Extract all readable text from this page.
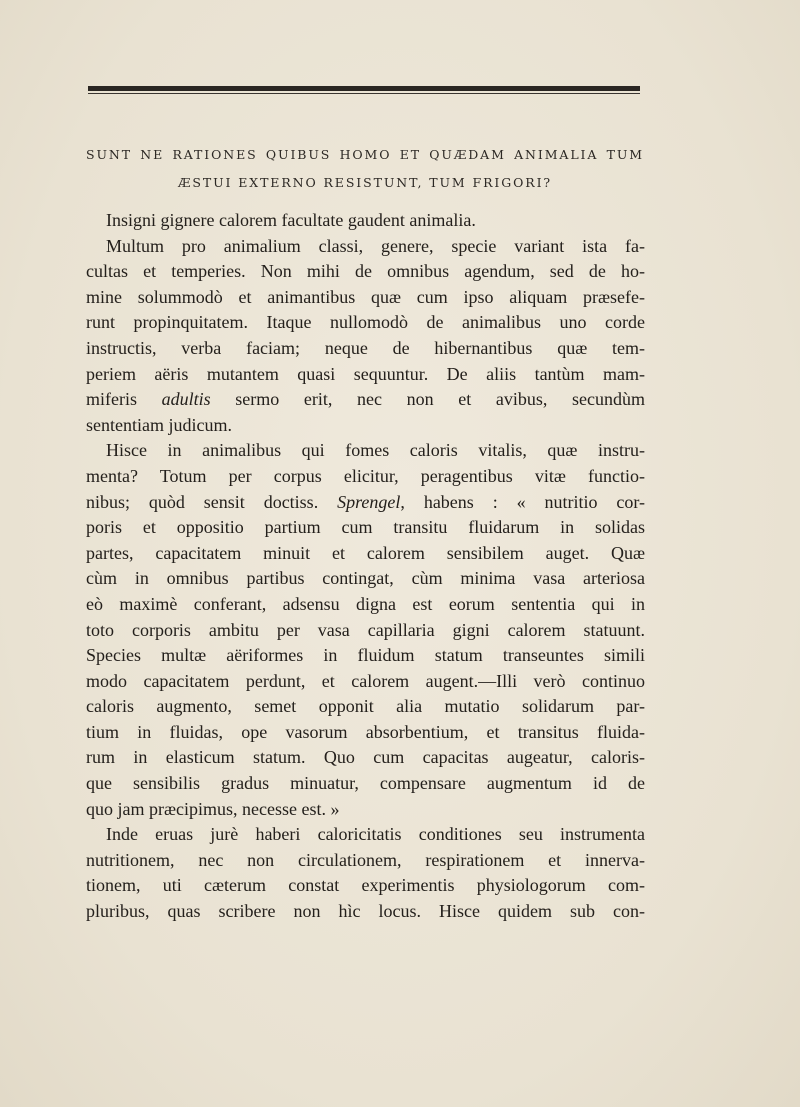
SUNT NE RATIONES QUIBUS HOMO ET QUÆDAM ANIMALIA TUM
ÆSTUI EXTERNO RESISTUNT, TUM FRIGORI?
Insigni gignere calorem facultate gaudent animalia.
Multum pro animalium classi, genere, specie variant ista fa-
cultas et temperies. Non mihi de omnibus agendum, sed de ho-
mine solummodò et animantibus quæ cum ipso aliquam præsefe-
runt propinquitatem. Itaque nullomodò de animalibus uno corde
instructis, verba faciam; neque de hibernantibus quæ tem-
periem aëris mutantem quasi sequuntur. De aliis tantùm mam-
miferis adultis sermo erit, nec non et avibus, secundùm
sententiam judicum.
Hisce in animalibus qui fomes caloris vitalis, quæ instru-
menta? Totum per corpus elicitur, peragentibus vitæ functio-
nibus; quòd sensit doctiss. Sprengel, habens : « nutritio cor-
poris et oppositio partium cum transitu fluidarum in solidas
partes, capacitatem minuit et calorem sensibilem auget. Quæ
cùm in omnibus partibus contingat, cùm minima vasa arteriosa
eò maximè conferant, adsensu digna est eorum sententia qui in
toto corporis ambitu per vasa capillaria gigni calorem statuunt.
Species multæ aëriformes in fluidum statum transeuntes simili
modo capacitatem perdunt, et calorem augent.—Illi verò continuo
caloris augmento, semet opponit alia mutatio solidarum par-
tium in fluidas, ope vasorum absorbentium, et transitus fluida-
rum in elasticum statum. Quo cum capacitas augeatur, caloris-
que sensibilis gradus minuatur, compensare augmentum id de
quo jam præcipimus, necesse est. »
Inde eruas jurè haberi caloricitatis conditiones seu instrumenta
nutritionem, nec non circulationem, respirationem et innerva-
tionem, uti cæterum constat experimentis physiologorum com-
pluribus, quas scribere non hìc locus. Hisce quidem sub con-
